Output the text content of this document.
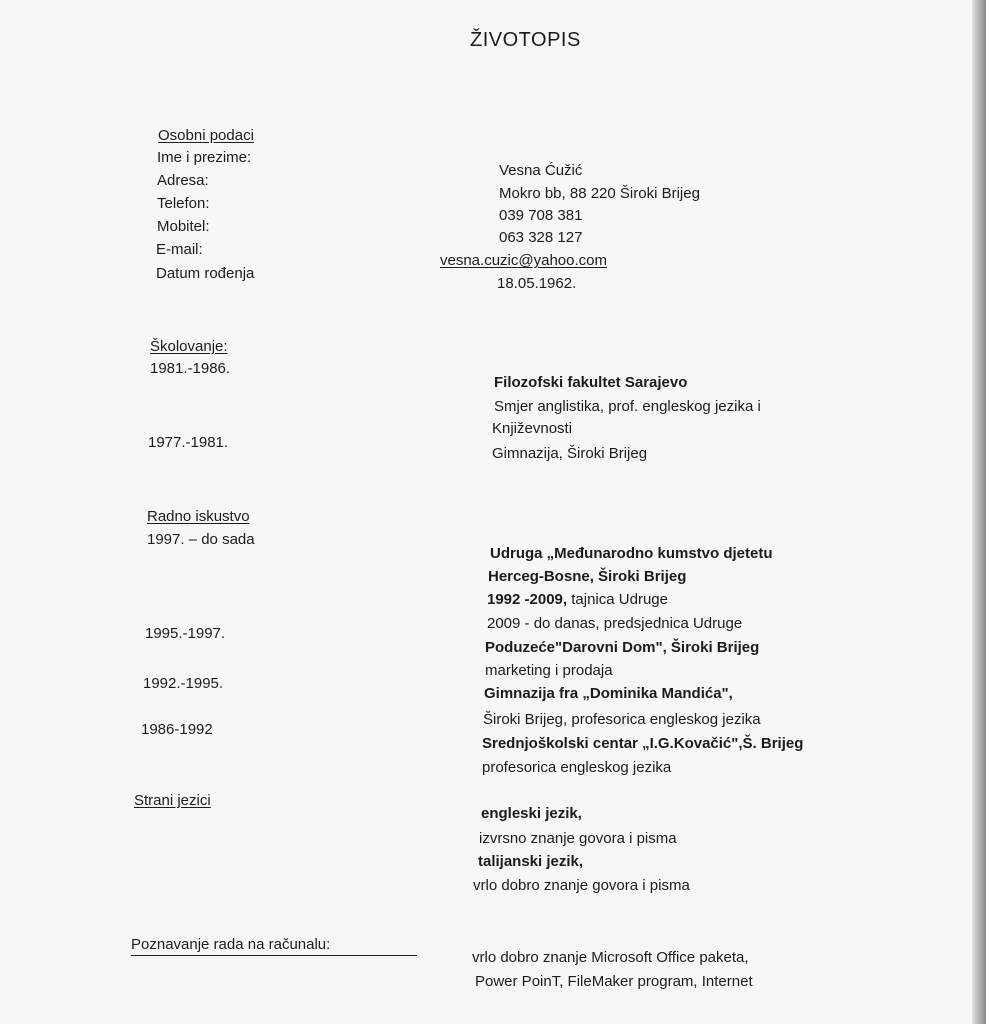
ŽIVOTOPIS
Osobni podaci
Ime i prezime:
Adresa:
Telefon:
Mobitel:
E-mail:
Datum rođenja
Vesna Ćužić
Mokro bb, 88 220 Široki Brijeg
039 708 381
063 328 127
vesna.cuzic@yahoo.com
18.05.1962.
Školovanje:
1981.-1986.
1977.-1981.
Filozofski fakultet Sarajevo
Smjer anglistika, prof. engleskog jezika i
Književnosti
Gimnazija, Široki Brijeg
Radno iskustvo
1997. – do sada
1995.-1997.
1992.-1995.
1986-1992
Udruga „Međunarodno kumstvo djetetu
Herceg-Bosne, Široki Brijeg
1992 -2009, tajnica Udruge
2009 - do danas, predsjednica Udruge
Poduzeće"Darovni Dom", Široki Brijeg
marketing i prodaja
Gimnazija fra „Dominika Mandića",
Široki Brijeg, profesorica engleskog jezika
Srednjoškolski centar „I.G.Kovačić",Š. Brijeg
profesorica engleskog jezika
Strani jezici
engleski jezik,
izvrsno znanje govora i pisma
talijanski jezik,
vrlo dobro znanje govora i pisma
Poznavanje rada na računalu:
vrlo dobro znanje Microsoft Office paketa,
Power PoinT, FileMaker program, Internet
